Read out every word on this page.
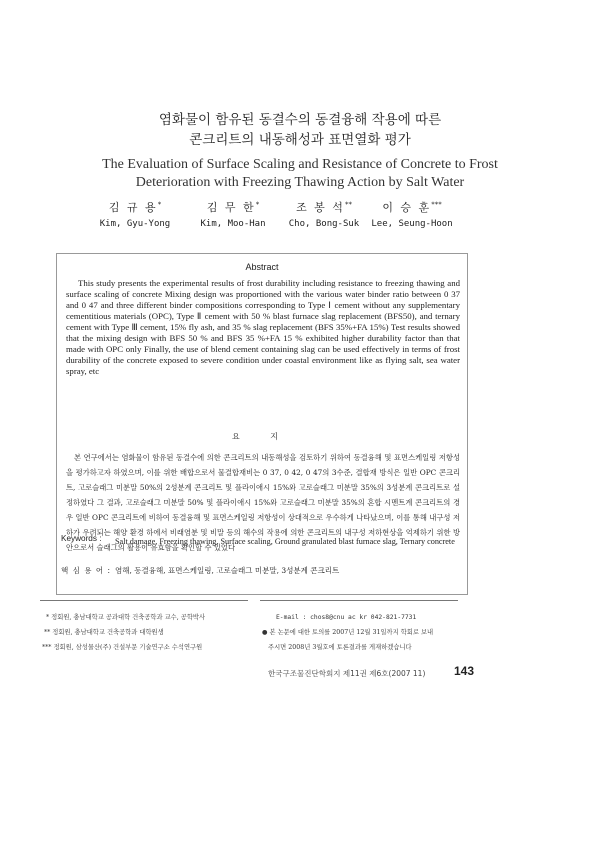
염화물이 함유된 동결수의 동결융해 작용에 따른
콘크리트의 내동해성과 표면열화 평가
The Evaluation of Surface Scaling and Resistance of Concrete to Frost
Deterioration with Freezing Thawing Action by Salt Water
김 규 용*
Kim, Gyu-Yong
김 무 한*
Kim, Moo-Han
조 봉 석**
Cho, Bong-Suk
이 승 훈***
Lee, Seung-Hoon
Abstract

This study presents the experimental results of frost durability including resistance to freezing thawing and surface scaling of concrete Mixing design was proportioned with the various water binder ratio between 0 37 and 0 47 and three different binder compositions corresponding to Type Ⅰ cement without any supplementary cementitious materials (OPC), Type Ⅱ cement with 50 % blast furnace slag replacement (BFS50), and ternary cement with Type Ⅲ cement, 15% fly ash, and 35 % slag replacement (BFS 35%+FA 15%) Test results showed that the mixing design with BFS 50 % and BFS 35 %+FA 15 % exhibited higher durability factor than that made with OPC only Finally, the use of blend cement containing slag can be used effectively in terms of frost durability of the concrete exposed to severe condition under coastal environment like as flying salt, sea water spray, etc

요 지

본 연구에서는 염화물이 함유된 동결수에 의한 콘크리트의 내동해성을 검토하기 위하여 동결융해 및 표면스케일링 저항성을 평가하고자 하였으며, 이를 위한 배합으로서 물결합재비는 0 37, 0 42, 0 47의 3수준, 결합재 방식은 일반 OPC 콘크리트, 고로슬래그 미분말 50%의 2성분계 콘크리트 및 플라이애시 15%와 고로슬래그 미분말 35%의 3성분계 콘크리트로 설정하였다 그 결과, 고로슬래그 미분말 50% 및 플라이애시 15%와 고로슬래그 미분말 35%의 혼합 시멘트계 콘크리트의 경우 일반 OPC 콘크리트에 비하여 동결융해 및 표면스케일링 저항성이 상대적으로 우수하게 나타났으며, 이를 통해 내구성 저하가 우려되는 해양 환경 하에서 비래염분 및 비말 등의 해수의 작용에 의한 콘크리트의 내구성 저하현상을 억제하기 위한 방안으로서 슬래그의 활용이 유효함을 확인할 수 있었다

Keywords : Salt damage, Freezing thawing, Surface scaling, Ground granulated blast furnace slag, Ternary concrete
핵 심 용 어 : 염해, 동결융해, 표면스케일링, 고로슬래그 미분말, 3성분계 콘크리트
* 정회원, 충남대학교 공과대학 건축공학과 교수, 공학박사
** 정회원, 충남대학교 건축공학과 대학원생
*** 정회원, 삼성물산(주) 건설부문 기술연구소 수석연구원
E-mail : chos8@cnu ac kr 042-821-7731
● 본 논문에 대한 토의를 2007년 12월 31일까지 학회로 보내
주시면 2008년 3월호에 토론결과를 게재하겠습니다
한국구조물진단학회지 제11권 제6호(2007 11) 143
